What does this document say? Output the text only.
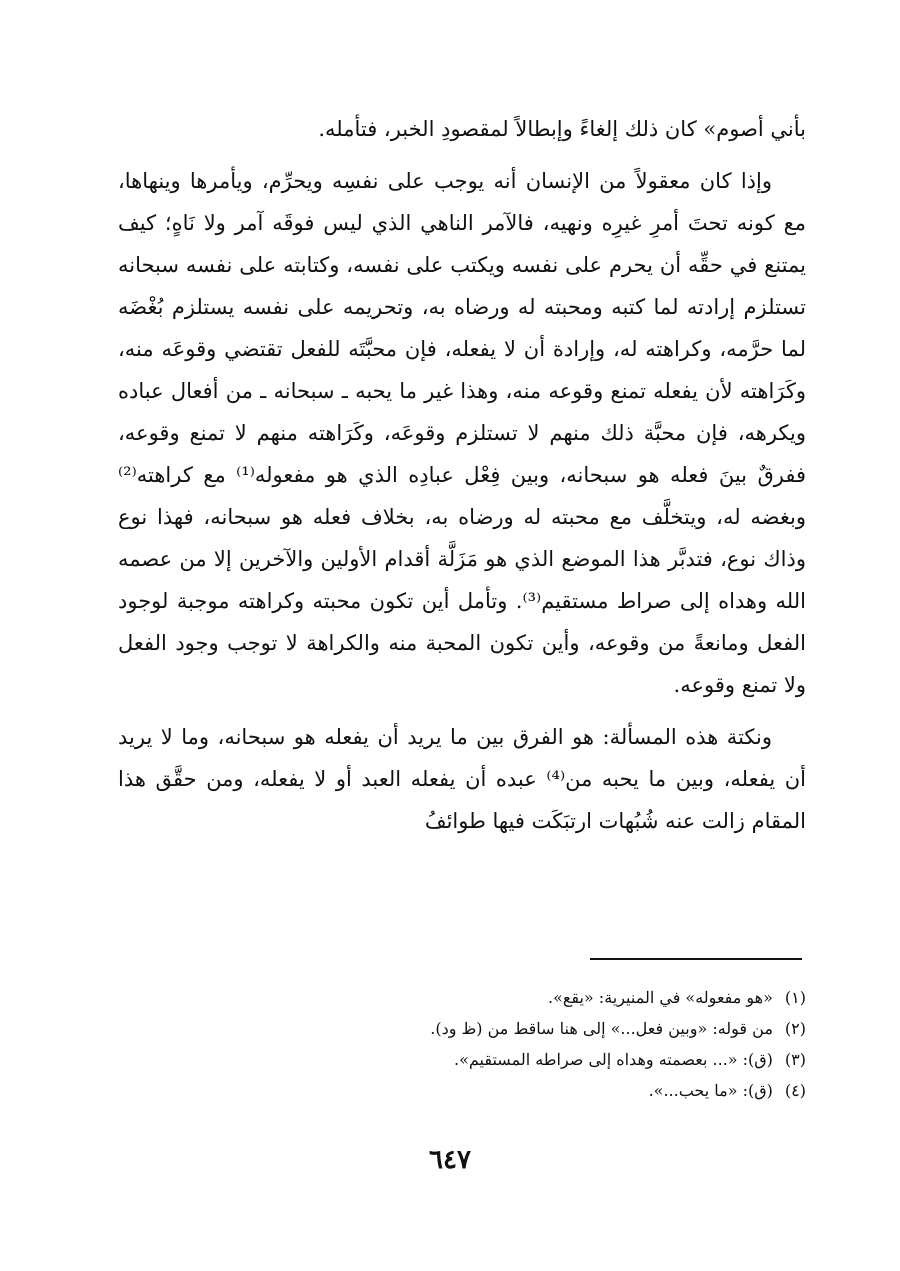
بأني أصوم» كان ذلك إلغاءً وإبطالاً لمقصودِ الخبر، فتأمله.

وإذا كان معقولاً من الإنسان أنه يوجب على نفسِه ويحرِّم، ويأمرها وينهاها، مع كونه تحتَ أمرِ غيرِه ونهيه، فالآمر الناهي الذي ليس فوقَه آمر ولا نَاهٍ؛ كيف يمتنع في حقِّه أن يحرم على نفسه ويكتب على نفسه، وكتابته على نفسه سبحانه تستلزم إرادته لما كتبه ومحبته له ورضاه به، وتحريمه على نفسه يستلزم بُغْضَه لما حرَّمه، وكراهته له، وإرادة أن لا يفعله، فإن محبَّتَه للفعل تقتضي وقوعَه منه، وكَرَاهته لأن يفعله تمنع وقوعه منه، وهذا غير ما يحبه ـ سبحانه ـ من أفعال عباده ويكرهه، فإن محبَّة ذلك منهم لا تستلزم وقوعَه، وكَرَاهته منهم لا تمنع وقوعه، ففرقٌ بينَ فعله هو سبحانه، وبين فِعْل عبادِه الذي هو مفعوله⁽¹⁾ مع كراهته⁽²⁾ وبغضه له، ويتخلَّف مع محبته له ورضاه به، بخلاف فعله هو سبحانه، فهذا نوع وذاك نوع، فتدبَّر هذا الموضع الذي هو مَزَلَّة أقدام الأولين والآخرين إلا من عصمه الله وهداه إلى صراط مستقيم⁽³⁾. وتأمل أين تكون محبته وكراهته موجبة لوجود الفعل ومانعةً من وقوعه، وأين تكون المحبة منه والكراهة لا توجب وجود الفعل ولا تمنع وقوعه.

ونكتة هذه المسألة: هو الفرق بين ما يريد أن يفعله هو سبحانه، وما لا يريد أن يفعله، وبين ما يحبه من⁽⁴⁾ عبده أن يفعله العبد أو لا يفعله، ومن حقَّق هذا المقام زالت عنه شُبُهات ارتبَكَت فيها طوائفُ

(١)«هو مفعوله» في المنيرية: «يقع».

(٢)من قوله: «وبين فعل...» إلى هنا ساقط من (ظ ود).

(٣)(ق): «... بعصمته وهداه إلى صراطه المستقيم».

(٤)(ق): «ما يحب...».

٦٤٧
